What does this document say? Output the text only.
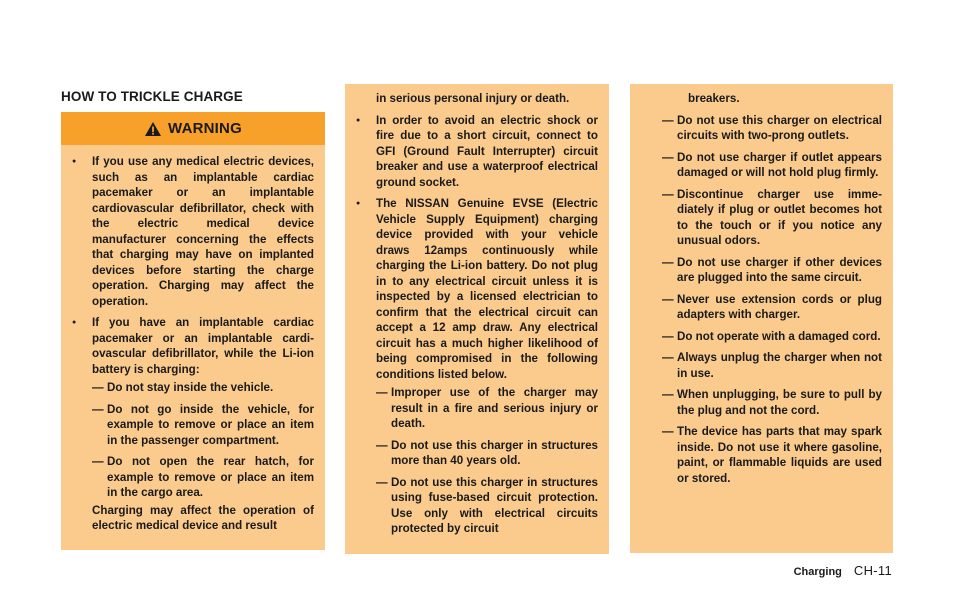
HOW TO TRICKLE CHARGE
WARNING
● If you use any medical electric devices, such as an implantable cardiac pacemaker or an implantable cardiovascular defibrillator, check with the electric medical device manufacturer concerning the effects that charging may have on implanted devices before starting the charge operation. Charging may affect the operation.
● If you have an implantable cardiac pacemaker or an implantable cardiovascular defibrillator, while the Li-ion battery is charging:
— Do not stay inside the vehicle.
— Do not go inside the vehicle, for example to remove or place an item in the passenger compartment.
— Do not open the rear hatch, for example to remove or place an item in the cargo area.
Charging may affect the operation of electric medical device and result
in serious personal injury or death.
● In order to avoid an electric shock or fire due to a short circuit, connect to GFI (Ground Fault Interrupter) circuit breaker and use a waterproof electrical ground socket.
● The NISSAN Genuine EVSE (Electric Vehicle Supply Equipment) charging device provided with your vehicle draws 12amps continuously while charging the Li-ion battery. Do not plug in to any electrical circuit unless it is inspected by a licensed electrician to confirm that the electrical circuit can accept a 12 amp draw. Any electrical circuit has a much higher likelihood of being compromised in the following conditions listed below.
— Improper use of the charger may result in a fire and serious injury or death.
— Do not use this charger in structures more than 40 years old.
— Do not use this charger in structures using fuse-based circuit protection. Use only with electrical circuits protected by circuit
breakers.
— Do not use this charger on electrical circuits with two-prong outlets.
— Do not use charger if outlet appears damaged or will not hold plug firmly.
— Discontinue charger use immediately if plug or outlet becomes hot to the touch or if you notice any unusual odors.
— Do not use charger if other devices are plugged into the same circuit.
— Never use extension cords or plug adapters with charger.
— Do not operate with a damaged cord.
— Always unplug the charger when not in use.
— When unplugging, be sure to pull by the plug and not the cord.
— The device has parts that may spark inside. Do not use it where gasoline, paint, or flammable liquids are used or stored.
Charging CH-11
